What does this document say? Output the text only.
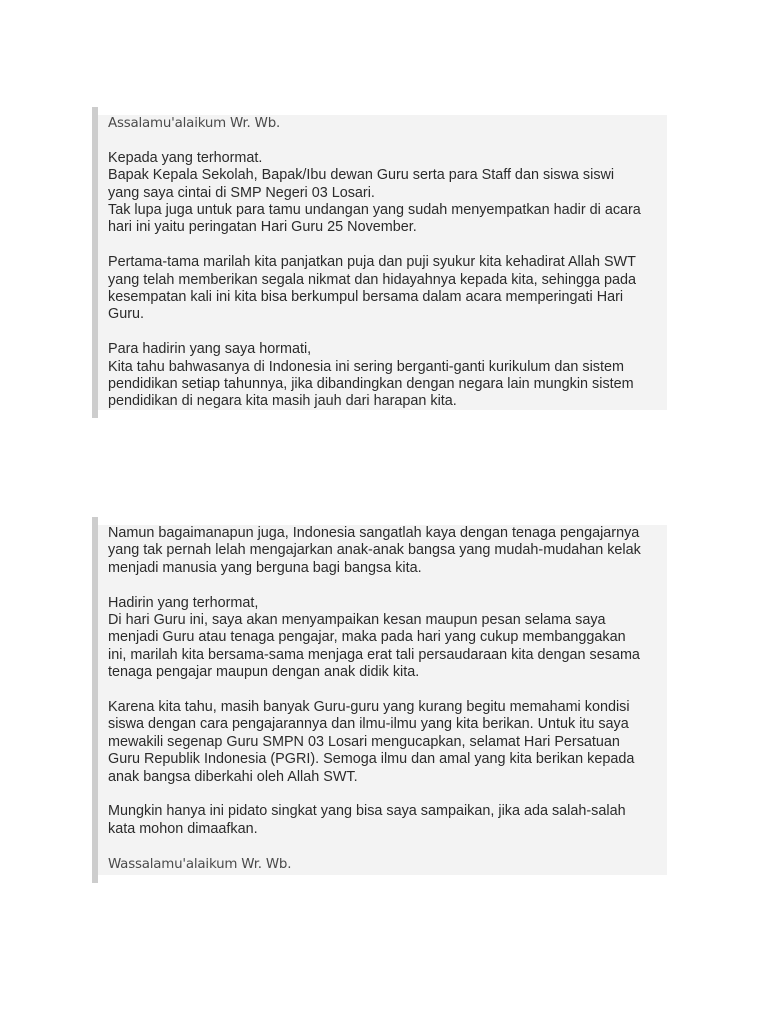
Assalamu'alaikum Wr. Wb.

Kepada yang terhormat.
Bapak Kepala Sekolah, Bapak/Ibu dewan Guru serta para Staff dan siswa siswi
yang saya cintai di SMP Negeri 03 Losari.
Tak lupa juga untuk para tamu undangan yang sudah menyempatkan hadir di acara
hari ini yaitu peringatan Hari Guru 25 November.

Pertama-tama marilah kita panjatkan puja dan puji syukur kita kehadirat Allah SWT
yang telah memberikan segala nikmat dan hidayahnya kepada kita, sehingga pada
kesempatan kali ini kita bisa berkumpul bersama dalam acara memperingati Hari
Guru.

Para hadirin yang saya hormati,
Kita tahu bahwasanya di Indonesia ini sering berganti-ganti kurikulum dan sistem
pendidikan setiap tahunnya, jika dibandingkan dengan negara lain mungkin sistem
pendidikan di negara kita masih jauh dari harapan kita.

Namun bagaimanapun juga, Indonesia sangatlah kaya dengan tenaga pengajarnya
yang tak pernah lelah mengajarkan anak-anak bangsa yang mudah-mudahan kelak
menjadi manusia yang berguna bagi bangsa kita.

Hadirin yang terhormat,
Di hari Guru ini, saya akan menyampaikan kesan maupun pesan selama saya
menjadi Guru atau tenaga pengajar, maka pada hari yang cukup membanggakan
ini, marilah kita bersama-sama menjaga erat tali persaudaraan kita dengan sesama
tenaga pengajar maupun dengan anak didik kita.

Karena kita tahu, masih banyak Guru-guru yang kurang begitu memahami kondisi
siswa dengan cara pengajarannya dan ilmu-ilmu yang kita berikan. Untuk itu saya
mewakili segenap Guru SMPN 03 Losari mengucapkan, selamat Hari Persatuan
Guru Republik Indonesia (PGRI). Semoga ilmu dan amal yang kita berikan kepada
anak bangsa diberkahi oleh Allah SWT.

Mungkin hanya ini pidato singkat yang bisa saya sampaikan, jika ada salah-salah
kata mohon dimaafkan.

Wassalamu'alaikum Wr. Wb.
